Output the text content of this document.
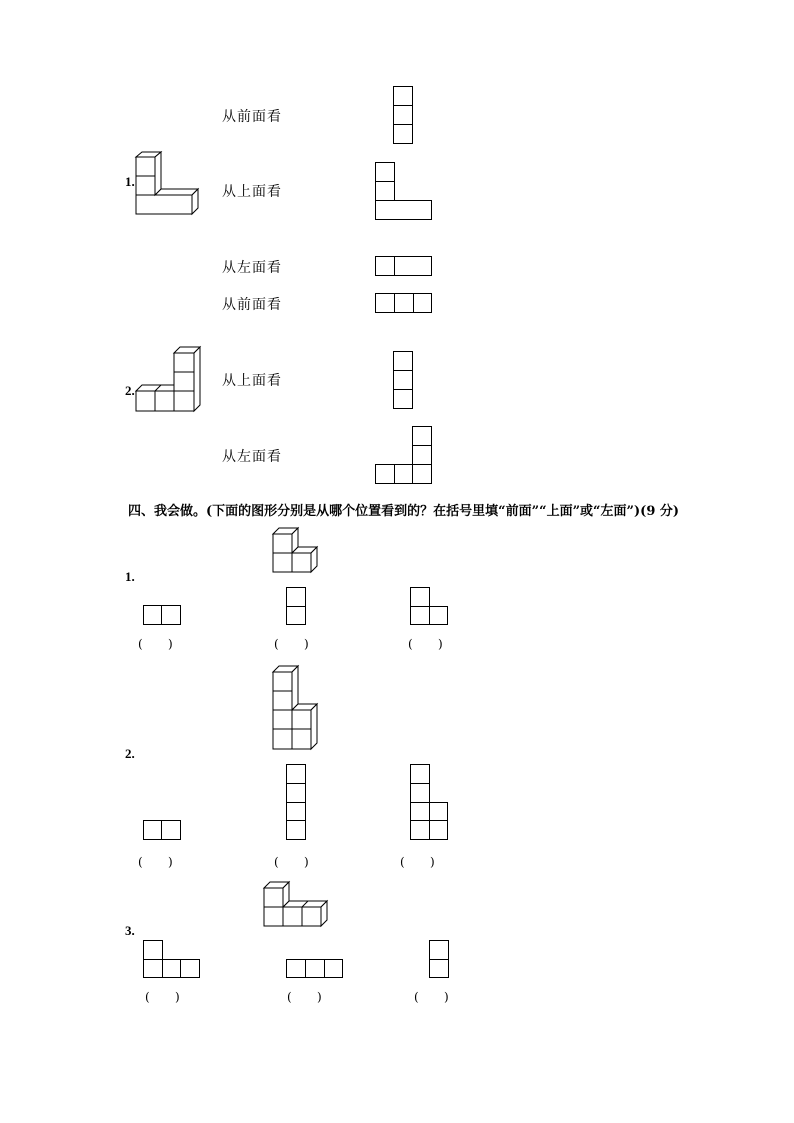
1.
从前面看
从上面看
从左面看
2.
从前面看
从上面看
从左面看
四、我会做。(下面的图形分别是从哪个位置看到的？在括号里填“前面”“上面”或“左面”)(9 分)
1.
( )	( )	( )
2.
( )	( )	( )
3.
( )	( )	( )
